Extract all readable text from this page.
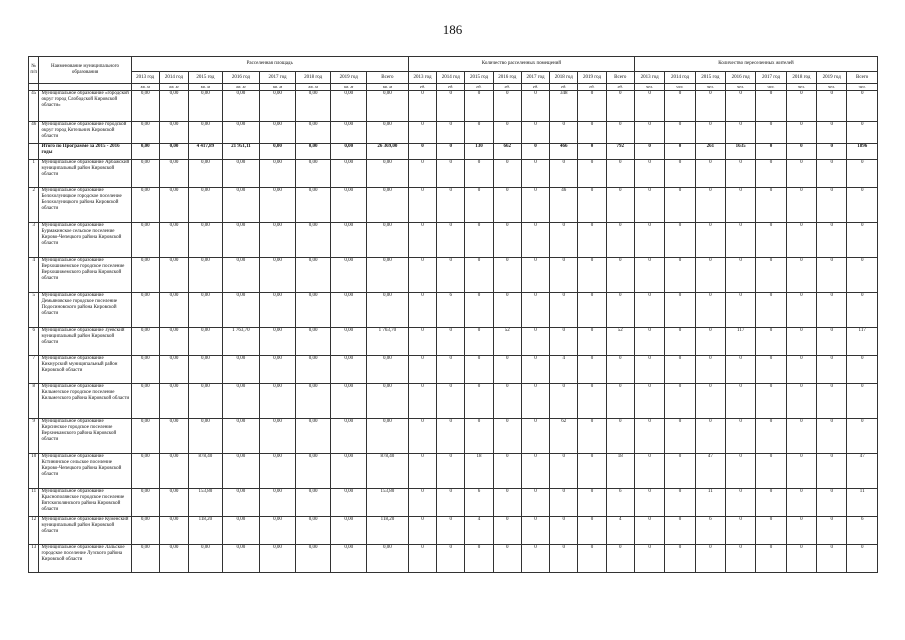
186
№ п/п	Наименование муниципального образования	Расселенная площадь								Количество расселенных помещений								Количество переселенных жителей							
		2013 год	2014 год	2015 год	2016 год	2017 год	2018 год	2019 год	Всего	2013 год	2014 год	2015 год	2016 год	2017 год	2018 год	2019 год	Всего	2013 год	2014 год	2015 год	2016 год	2017 год	2018 год	2019 год	Всего
		кв. м	кв. м	кв. м	кв. м	кв. м	кв. м	кв. м	кв. м	ед.	ед.	ед.	ед.	ед.	ед.	ед.	ед.	чел.	чел.	чел.	чел.	чел.	чел.	чел.	чел.
45	Муниципальное образование «городской округ город Слободской Кировской области»	0,00	0,00	0,00	0,00	0,00	0,00	0,00	0,00	0	0	0	0	0	348	0	0	0	0	0	0	0	0	0	0
46	Муниципальное образование городской округ город Котельнич Кировской области	0,00	0,00	0,00	0,00	0,00	0,00	0,00	0,00	0	0	0	0	0	0	0	0	0	0	0	0	0	0	0	0
	Итого по Программе за 2015 - 2016 годы	0,00	0,00	4 417,89	21 951,11	0,00	0,00	0,00	26 369,00	0	0	130	662	0	466	0	792	0	0	261	1635	0	0	0	1896
1	Муниципальное образование Арбажский муниципальный район Кировской области	0,00	0,00	0,00	0,00	0,00	0,00	0,00	0,00	0	0	0	0	0	0	0	0	0	0	0	0	0	0	0	0
2	Муниципальное образование Белохолуницкое городское поселение Белохолуницкого района Кировской области	0,00	0,00	0,00	0,00	0,00	0,00	0,00	0,00	0	0	0	0	0	46	0	0	0	0	0	0	0	0	0	0
3	Муниципальное образование Бурмакинское сельское поселение Кирово-Чепецкого района Кировской области	0,00	0,00	0,00	0,00	0,00	0,00	0,00	0,00	0	0	0	0	0	0	0	0	0	0	0	0	0	0	0	0
4	Муниципальное образование Верхошижемское городское поселение Верхошижемского района Кировской области	0,00	0,00	0,00	0,00	0,00	0,00	0,00	0,00	0	0	0	0	0	0	0	0	0	0	0	0	0	0	0	0
5	Муниципальное образование Демьяновское городское поселение Подосиновского района Кировской области	0,00	0,00	0,00	0,00	0,00	0,00	0,00	0,00	0	6	0	0	0	0	0	0	0	0	0	0	0	0	0	0
6	Муниципальное образование Зуевский муниципальный район Кировской области	0,00	0,00	0,00	1 763,70	0,00	0,00	0,00	1 763,70	0	0	0	52	0	0	0	52	0	0	0	117	0	0	0	117
7	Муниципальное образование Кикнурский муниципальный район Кировской области	0,00	0,00	0,00	0,00	0,00	0,00	0,00	0,00	0	0	0	0	0	4	0	0	0	0	0	0	0	0	0	0
8	Муниципальное образование Кильмезское городское поселение Кильмезского района Кировской области	0,00	0,00	0,00	0,00	0,00	0,00	0,00	0,00	0	0	0	0	0	0	0	0	0	0	0	0	0	0	0	0
9	Муниципальное образование Кирсинское городское поселение Верхнекамского района Кировской области	0,00	0,00	0,00	0,00	0,00	0,00	0,00	0,00	0	0	0	0	0	62	0	0	0	0	0	0	0	0	0	0
10	Муниципальное образование Кстининское сельское поселение Кирово-Чепецкого района Кировской области	0,00	0,00	878,40	0,00	0,00	0,00	0,00	878,40	0	0	18	0	0	0	0	18	0	0	47	0	0	0	0	47
11	Муниципальное образование Краснополянское городское поселение Вятскополянского района Кировской области	0,00	0,00	153,80	0,00	0,00	0,00	0,00	153,80	0	0	6	0	0	0	0	6	0	0	11	0	0	0	0	11
12	Муниципальное образование Кумёнский муниципальный район Кировской области	0,00	0,00	118,20	0,00	0,00	0,00	0,00	118,20	0	0	4	0	0	0	0	4	0	0	6	0	0	0	0	6
13	Муниципальное образование Лальское городское поселение Лузского района Кировской области	0,00	0,00	0,00	0,00	0,00	0,00	0,00	0,00	0	0	0	0	0	0	0	0	0	0	0	0	0	0	0	0
